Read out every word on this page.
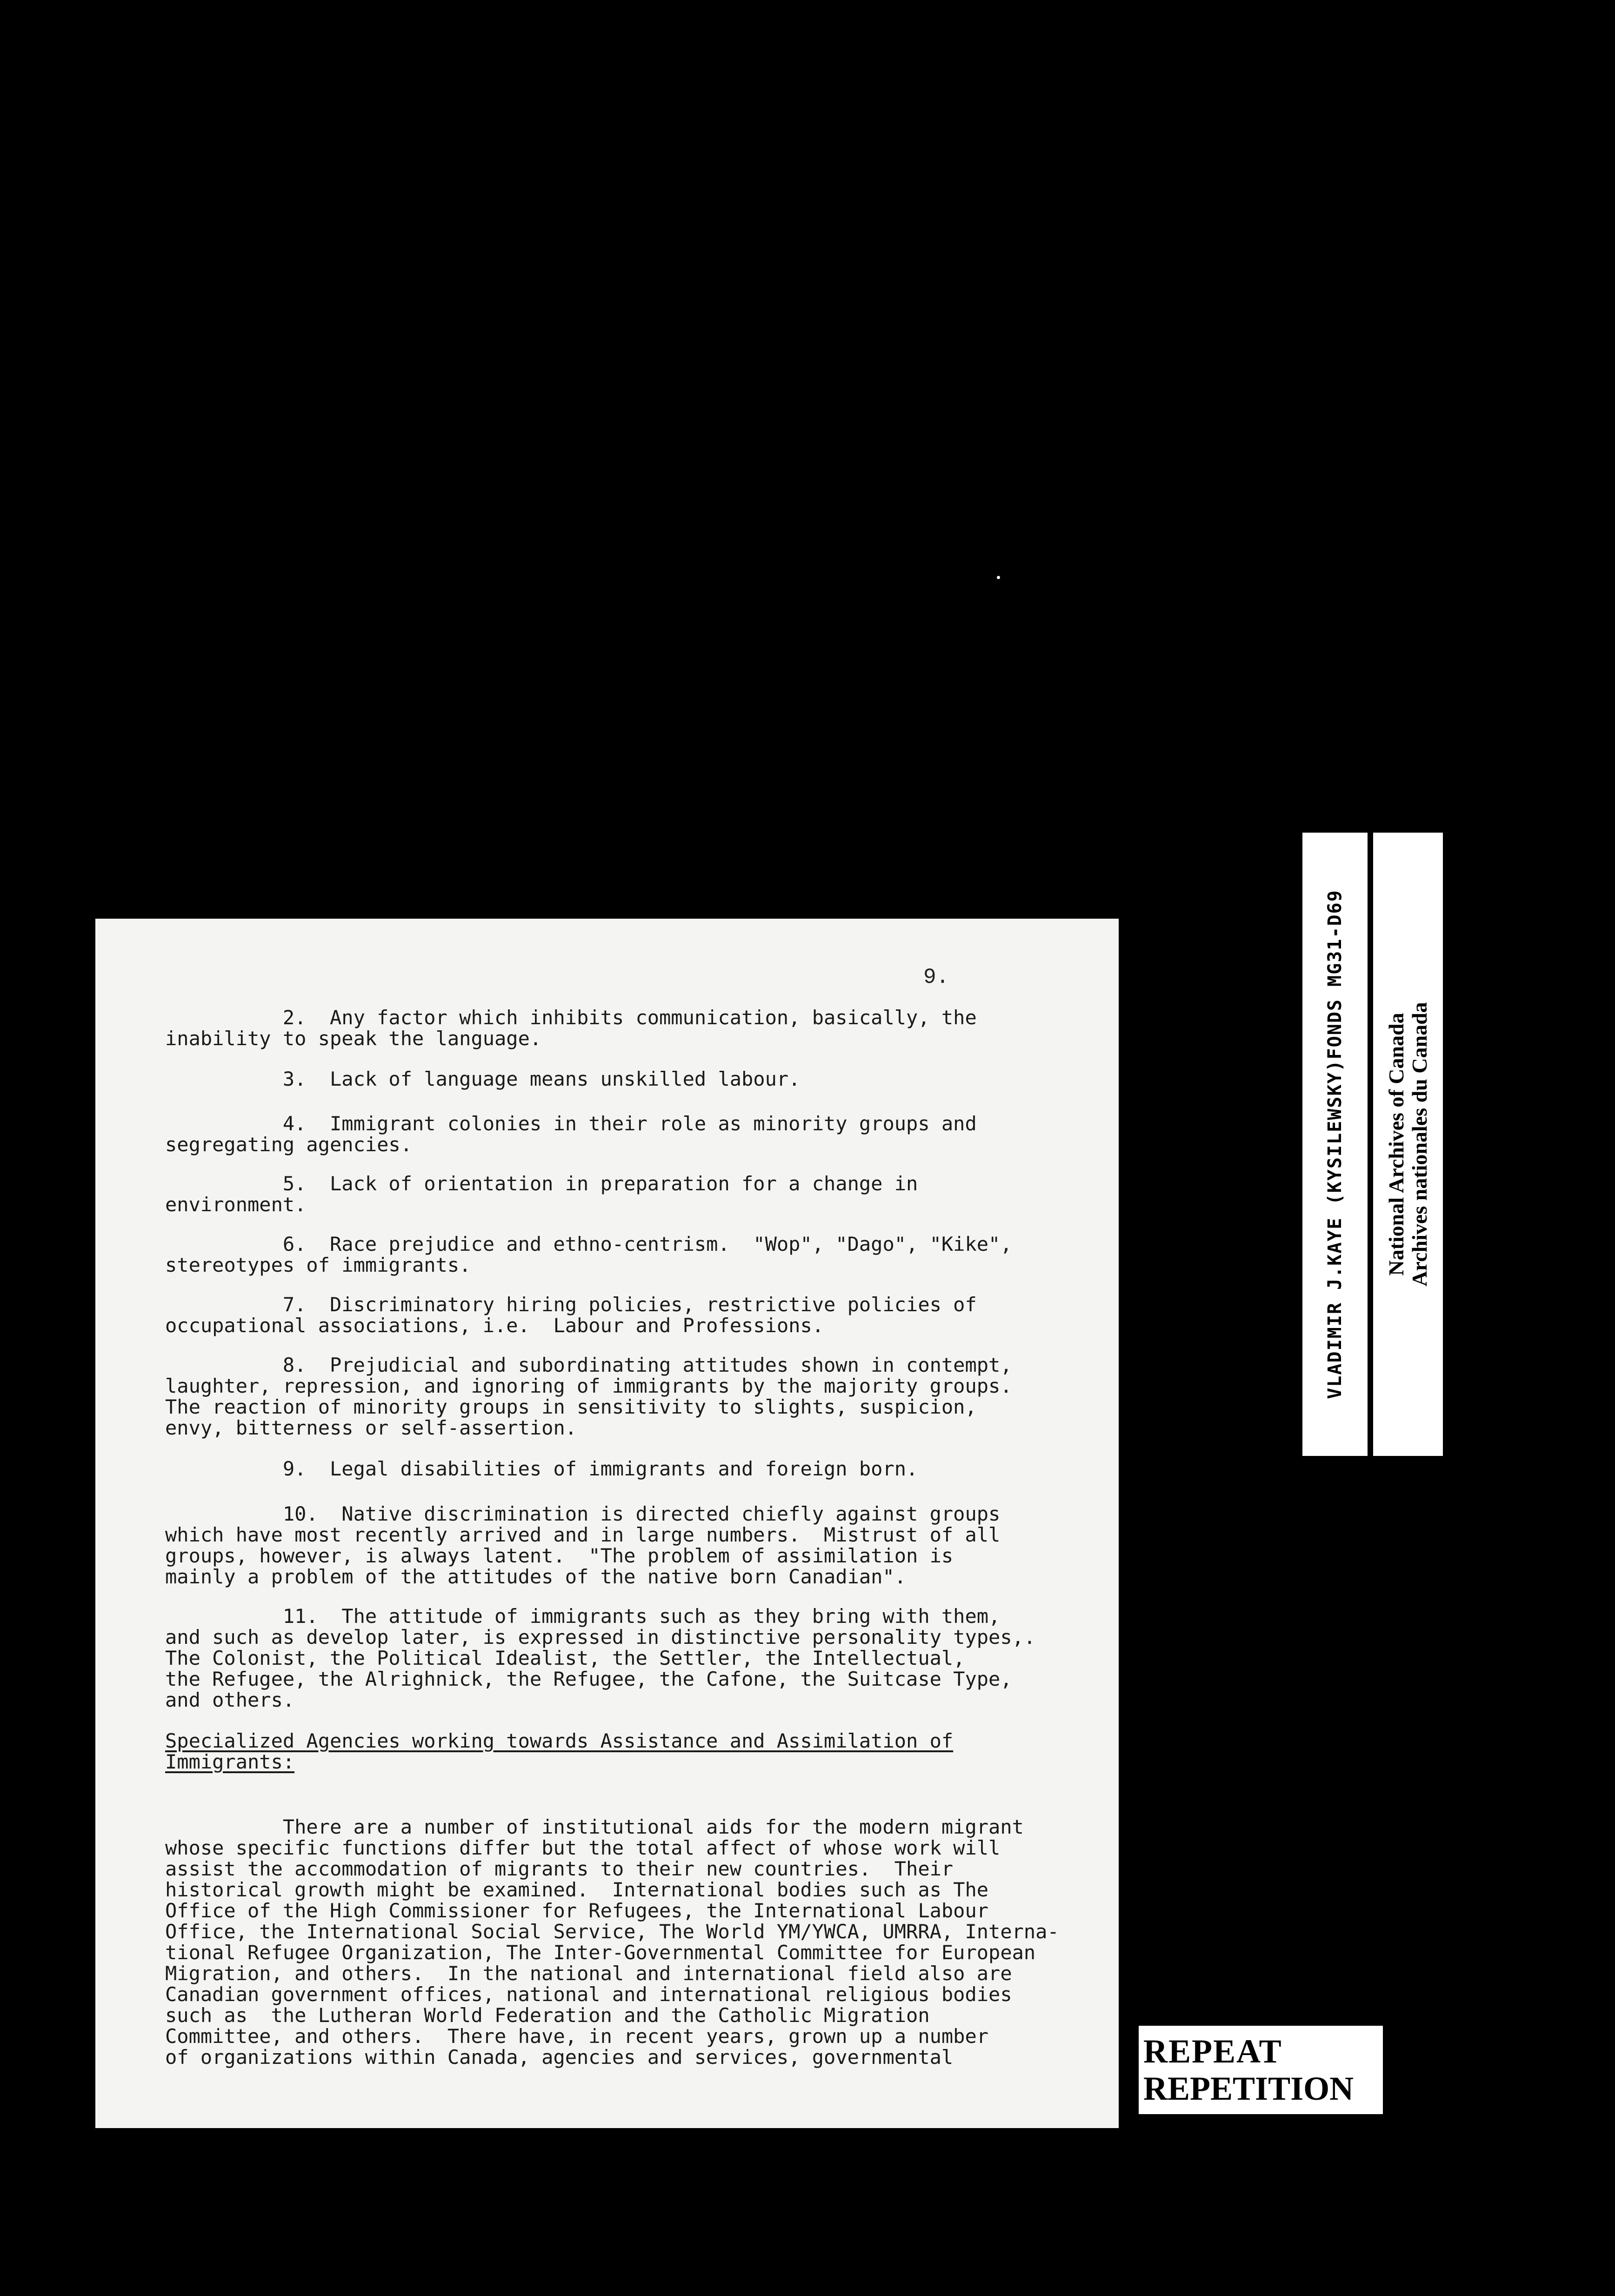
9.
2.  Any factor which inhibits communication, basically, the
inability to speak the language.
3.  Lack of language means unskilled labour.
4.  Immigrant colonies in their role as minority groups and
segregating agencies.
5.  Lack of orientation in preparation for a change in
environment.
6.  Race prejudice and ethno-centrism.  "Wop", "Dago", "Kike",
stereotypes of immigrants.
7.  Discriminatory hiring policies, restrictive policies of
occupational associations, i.e.  Labour and Professions.
8.  Prejudicial and subordinating attitudes shown in contempt,
laughter, repression, and ignoring of immigrants by the majority groups.
The reaction of minority groups in sensitivity to slights, suspicion,
envy, bitterness or self-assertion.
9.  Legal disabilities of immigrants and foreign born.
10.  Native discrimination is directed chiefly against groups
which have most recently arrived and in large numbers.  Mistrust of all
groups, however, is always latent.  "The problem of assimilation is
mainly a problem of the attitudes of the native born Canadian".
11.  The attitude of immigrants such as they bring with them,
and such as develop later, is expressed in distinctive personality types,.
The Colonist, the Political Idealist, the Settler, the Intellectual,
the Refugee, the Alrighnick, the Refugee, the Cafone, the Suitcase Type,
and others.
Specialized Agencies working towards Assistance and Assimilation of
Immigrants:
There are a number of institutional aids for the modern migrant
whose specific functions differ but the total affect of whose work will
assist the accommodation of migrants to their new countries.  Their
historical growth might be examined.  International bodies such as The
Office of the High Commissioner for Refugees, the International Labour
Office, the International Social Service, The World YM/YWCA, UMRRA, Interna-
tional Refugee Organization, The Inter-Governmental Committee for European
Migration, and others.  In the national and international field also are
Canadian government offices, national and international religious bodies
such as  the Lutheran World Federation and the Catholic Migration
Committee, and others.  There have, in recent years, grown up a number
of organizations within Canada, agencies and services, governmental
VLADIMIR J.KAYE (KYSILEWSKY)FONDS MG31-D69 National Archives of Canada Archives nationales du Canada
REPEAT
REPETITION
